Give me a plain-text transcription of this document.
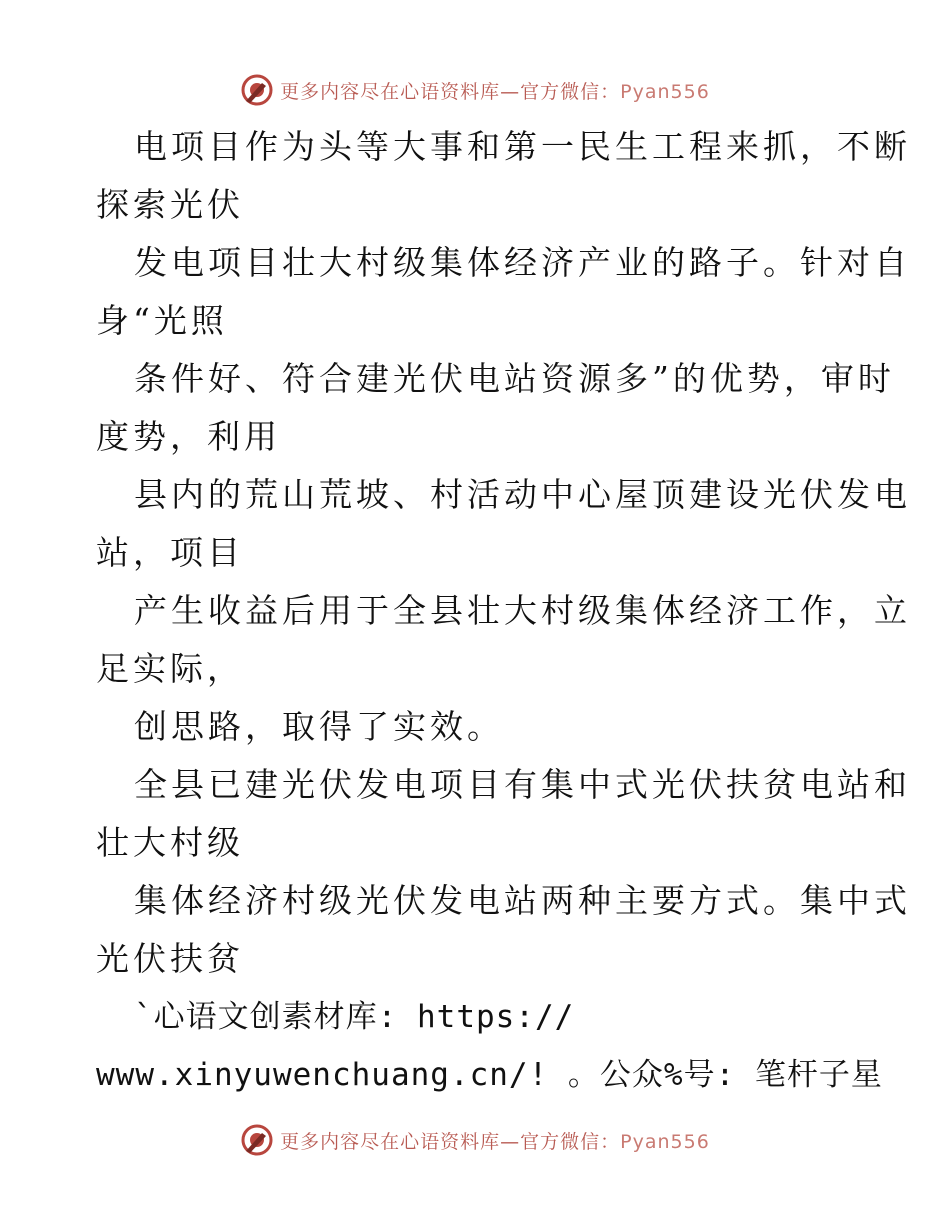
更多内容尽在心语资料库—官方微信：Pyan556
电项目作为头等大事和第一民生工程来抓，不断
探索光伏
发电项目壮大村级集体经济产业的路子。针对自
身“光照
条件好、符合建光伏电站资源多”的优势，审时
度势，利用
县内的荒山荒坡、村活动中心屋顶建设光伏发电
站，项目
产生收益后用于全县壮大村级集体经济工作，立
足实际，
创思路，取得了实效。
全县已建光伏发电项目有集中式光伏扶贫电站和
壮大村级
集体经济村级光伏发电站两种主要方式。集中式
光伏扶贫
`心语文创素材库: https://
www.xinyuwenchuang.cn/! 。公众%号: 笔杆子星
更多内容尽在心语资料库—官方微信：Pyan556
